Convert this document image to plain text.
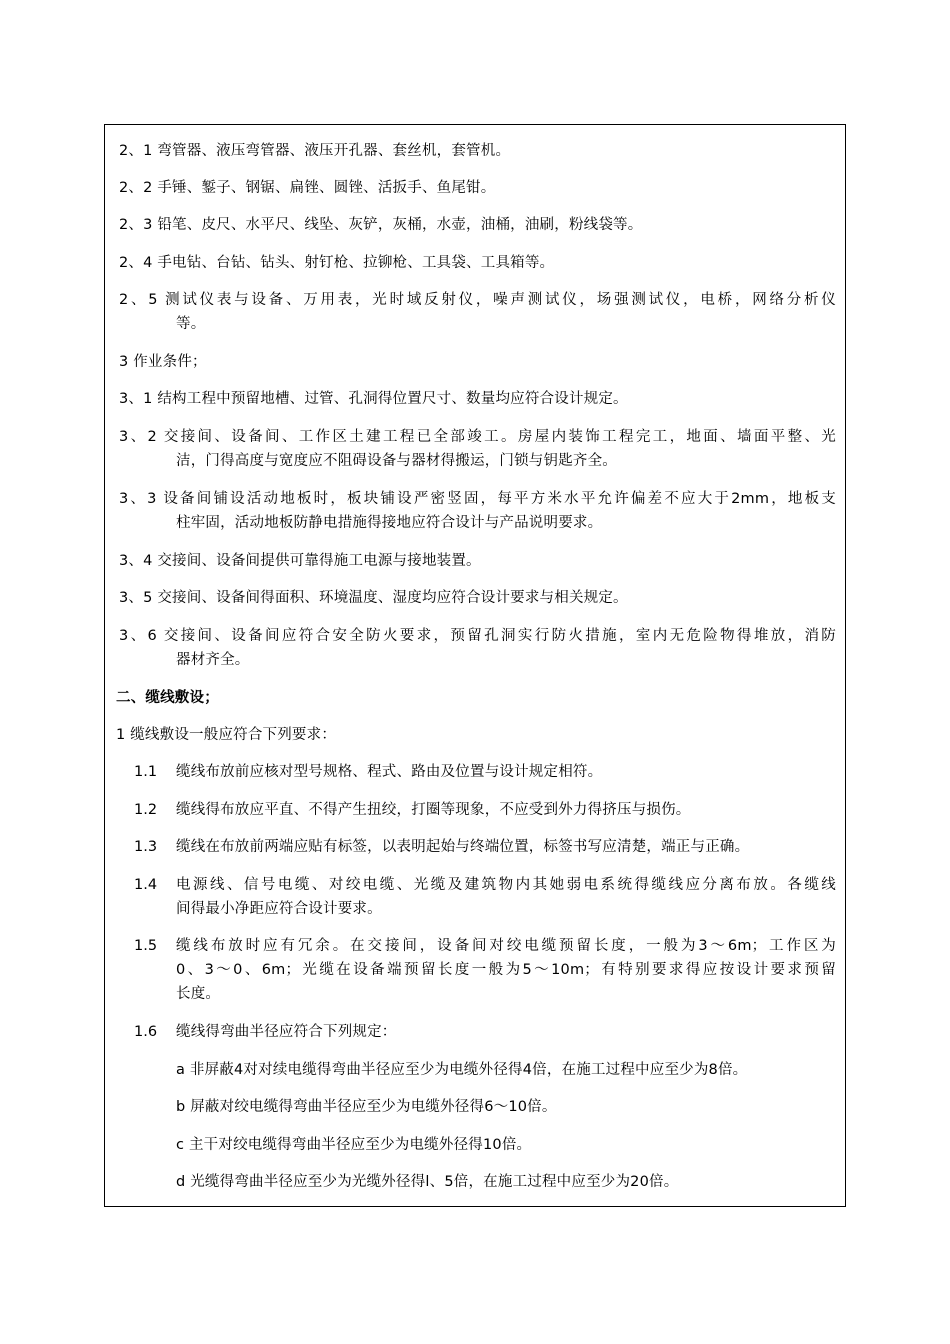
2、1 弯管器、液压弯管器、液压开孔器、套丝机，套管机。
2、2 手锤、錾子、钢锯、扁锉、圆锉、活扳手、鱼尾钳。
2、3 铅笔、皮尺、水平尺、线坠、灰铲，灰桶，水壶，油桶，油刷，粉线袋等。
2、4 手电钻、台钻、钻头、射钉枪、拉铆枪、工具袋、工具箱等。
2、5 测试仪表与设备、万用表，光时域反射仪，噪声测试仪，场强测试仪，电桥，网络分析仪
等。
3 作业条件；
3、1 结构工程中预留地槽、过管、孔洞得位置尺寸、数量均应符合设计规定。
3、2 交接间、设备间、工作区土建工程已全部竣工。房屋内装饰工程完工，地面、墙面平整、光
洁，门得高度与宽度应不阻碍设备与器材得搬运，门锁与钥匙齐全。
3、3 设备间铺设活动地板时，板块铺设严密竖固，每平方米水平允许偏差不应大于2mm，地板支
柱牢固，活动地板防静电措施得接地应符合设计与产品说明要求。
3、4 交接间、设备间提供可靠得施工电源与接地装置。
3、5 交接间、设备间得面积、环境温度、湿度均应符合设计要求与相关规定。
3、6 交接间、设备间应符合安全防火要求，预留孔洞实行防火措施，室内无危险物得堆放，消防
器材齐全。
二、缆线敷设；
1 缆线敷设一般应符合下列要求：
1.1 缆线布放前应核对型号规格、程式、路由及位置与设计规定相符。
1.2 缆线得布放应平直、不得产生扭绞，打圈等现象，不应受到外力得挤压与损伤。
1.3 缆线在布放前两端应贴有标签，以表明起始与终端位置，标签书写应清楚，端正与正确。
1.4 电源线、信号电缆、对绞电缆、光缆及建筑物内其她弱电系统得缆线应分离布放。各缆线
间得最小净距应符合设计要求。
1.5 缆线布放时应有冗余。在交接间，设备间对绞电缆预留长度，一般为3～6m；工作区为
0、3～0、6m；光缆在设备端预留长度一般为5～10m；有特别要求得应按设计要求预留
长度。
1.6 缆线得弯曲半径应符合下列规定：
a 非屏蔽4对对续电缆得弯曲半径应至少为电缆外径得4倍，在施工过程中应至少为8倍。
b 屏蔽对绞电缆得弯曲半径应至少为电缆外径得6～10倍。
c 主干对绞电缆得弯曲半径应至少为电缆外径得10倍。
d 光缆得弯曲半径应至少为光缆外径得l、5倍，在施工过程中应至少为20倍。
